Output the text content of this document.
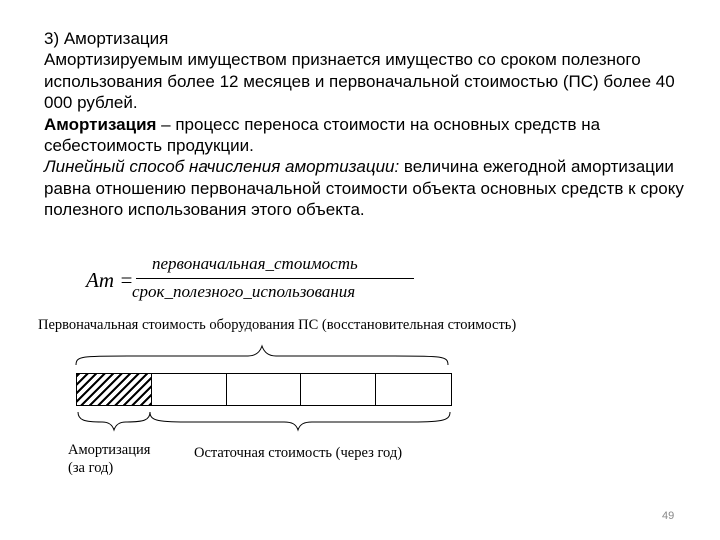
3) Амортизация

Амортизируемым имуществом признается имущество со сроком полезного использования более 12 месяцев и первоначальной стоимостью (ПС) более 40 000 рублей.

Амортизация – процесс переноса стоимости на основных средств на себестоимость продукции.

Линейный способ начисления амортизации: величина ежегодной амортизации равна отношению первоначальной стоимости объекта основных средств к сроку полезного использования этого объекта.

Am =
первоначальная_стоимость
срок_полезного_использования
Первоначальная стоимость оборудования ПС (восстановительная стоимость)
Амортизация
(за год)
Остаточная стоимость (через год)
49
